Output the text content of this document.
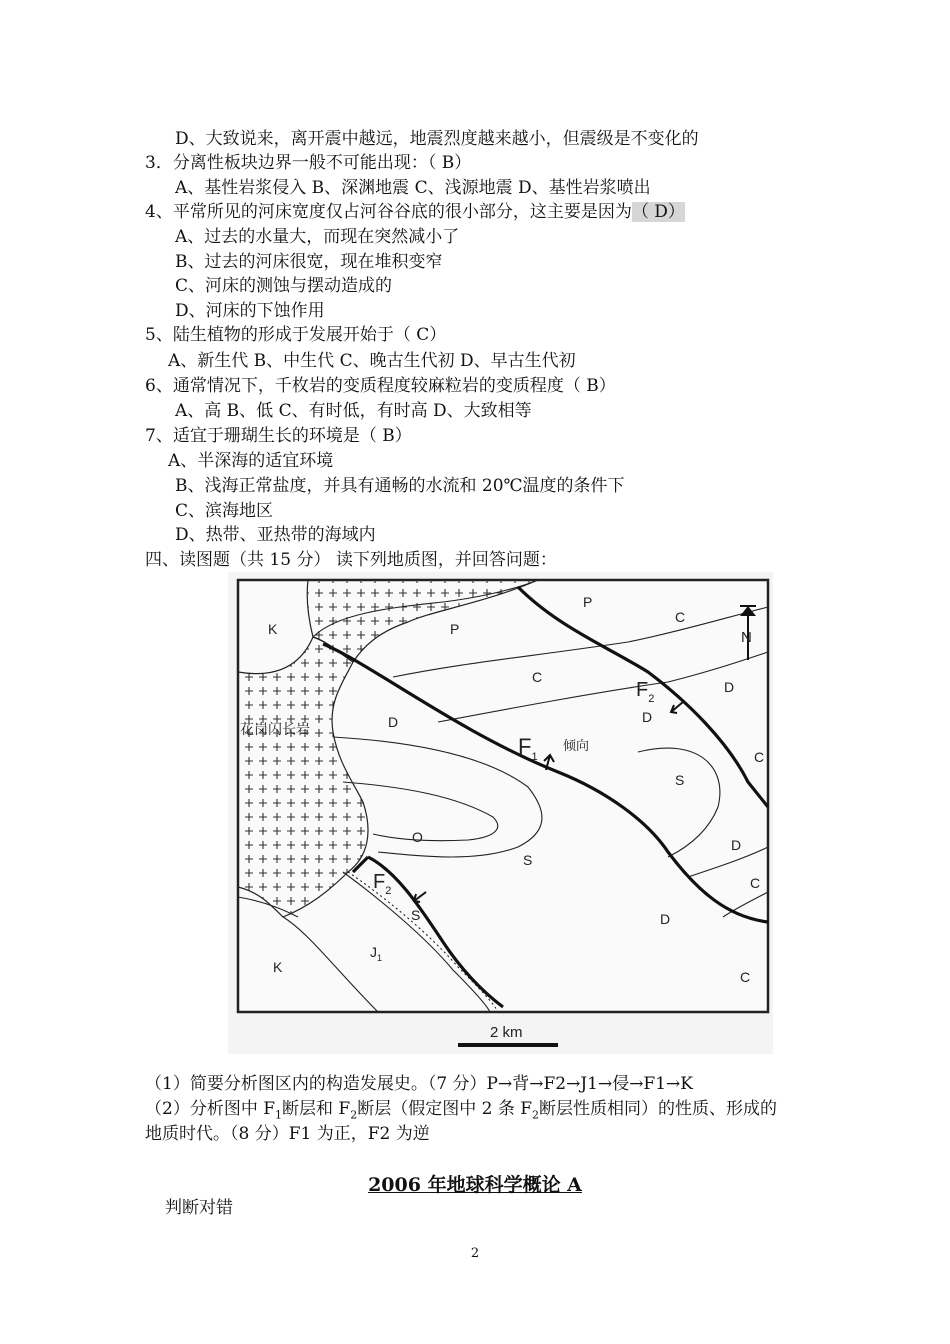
D、大致说来，离开震中越远，地震烈度越来越小，但震级是不变化的
3．分离性板块边界一般不可能出现：（ B）
A、基性岩浆侵入 B、深渊地震 C、浅源地震 D、基性岩浆喷出
4、平常所见的河床宽度仅占河谷谷底的很小部分，这主要是因为（ D）
A、过去的水量大，而现在突然减小了
B、过去的河床很宽，现在堆积变窄
C、河床的测蚀与摆动造成的
D、河床的下蚀作用
5、陆生植物的形成于发展开始于（ C）
A、新生代 B、中生代 C、晚古生代初 D、早古生代初
6、通常情况下，千枚岩的变质程度较麻粒岩的变质程度（ B）
A、高 B、低 C、有时低，有时高 D、大致相等
7、适宜于珊瑚生长的环境是（ B）
A、半深海的适宜环境
B、浅海正常盐度，并具有通畅的水流和 20℃温度的条件下
C、滨海地区
D、热带、亚热带的海域内
四、读图题（共 15 分） 读下列地质图，并回答问题：
K
P
P
C
C
C
C
C
D
D
D
D
D
S
S
S
O
$J_1$
K
花岗闪长岩
$F_1$
$F_2$
$F_2$
倾向
N
2 km
（1）简要分析图区内的构造发展史。（7 分）P→背→F2→J1→侵→F1→K
（2）分析图中 $F_1$断层和 $F_2$断层（假定图中 2 条 $F_2$断层性质相同）的性质、形成的
地质时代。（8 分）F1 为正，F2 为逆
2006 年地球科学概论 A
判断对错
2
